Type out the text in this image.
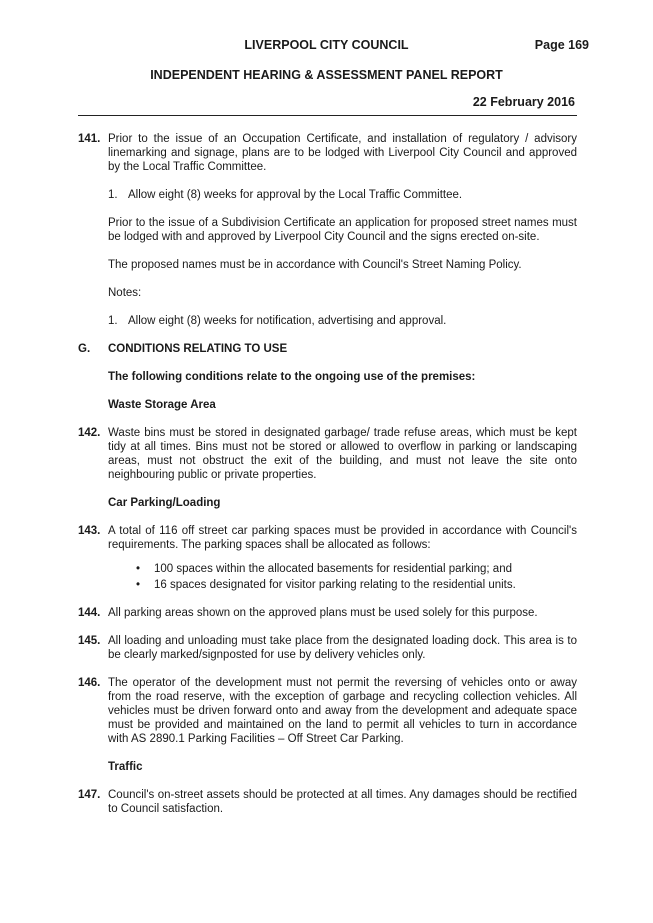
LIVERPOOL CITY COUNCIL	Page 169
INDEPENDENT HEARING & ASSESSMENT PANEL REPORT
22 February 2016
141. Prior to the issue of an Occupation Certificate, and installation of regulatory / advisory linemarking and signage, plans are to be lodged with Liverpool City Council and approved by the Local Traffic Committee.
1. Allow eight (8) weeks for approval by the Local Traffic Committee.
Prior to the issue of a Subdivision Certificate an application for proposed street names must be lodged with and approved by Liverpool City Council and the signs erected on-site.
The proposed names must be in accordance with Council's Street Naming Policy.
Notes:
1. Allow eight (8) weeks for notification, advertising and approval.
G.	CONDITIONS RELATING TO USE
The following conditions relate to the ongoing use of the premises:
Waste Storage Area
142. Waste bins must be stored in designated garbage/ trade refuse areas, which must be kept tidy at all times. Bins must not be stored or allowed to overflow in parking or landscaping areas, must not obstruct the exit of the building, and must not leave the site onto neighbouring public or private properties.
Car Parking/Loading
143. A total of 116 off street car parking spaces must be provided in accordance with Council's requirements. The parking spaces shall be allocated as follows:
• 100 spaces within the allocated basements for residential parking; and
• 16 spaces designated for visitor parking relating to the residential units.
144. All parking areas shown on the approved plans must be used solely for this purpose.
145. All loading and unloading must take place from the designated loading dock. This area is to be clearly marked/signposted for use by delivery vehicles only.
146. The operator of the development must not permit the reversing of vehicles onto or away from the road reserve, with the exception of garbage and recycling collection vehicles. All vehicles must be driven forward onto and away from the development and adequate space must be provided and maintained on the land to permit all vehicles to turn in accordance with AS 2890.1 Parking Facilities – Off Street Car Parking.
Traffic
147. Council's on-street assets should be protected at all times. Any damages should be rectified to Council satisfaction.
